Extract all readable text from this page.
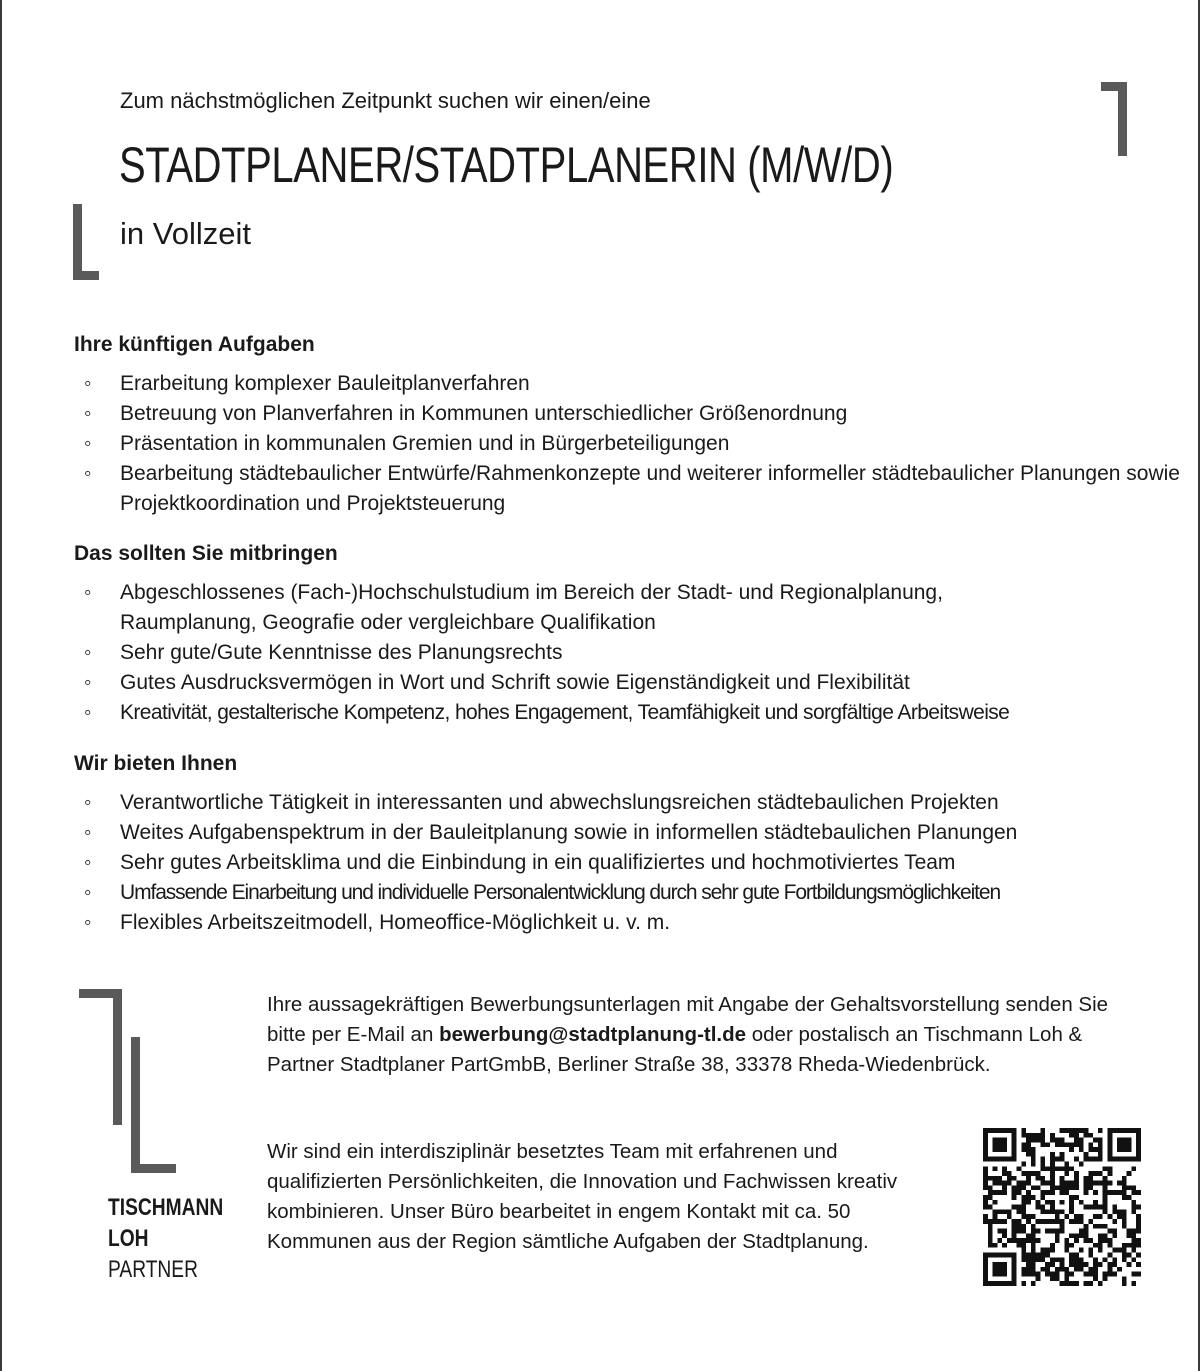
Zum nächstmöglichen Zeitpunkt suchen wir einen/eine
STADTPLANER/STADTPLANERIN (M/W/D)
in Vollzeit
Ihre künftigen Aufgaben
◦ Erarbeitung komplexer Bauleitplanverfahren
◦ Betreuung von Planverfahren in Kommunen unterschiedlicher Größenordnung
◦ Präsentation in kommunalen Gremien und in Bürgerbeteiligungen
◦ Bearbeitung städtebaulicher Entwürfe/Rahmenkonzepte und weiterer informeller städtebaulicher Planungen sowie Projektkoordination und Projektsteuerung
Das sollten Sie mitbringen
◦ Abgeschlossenes (Fach-)Hochschulstudium im Bereich der Stadt- und Regionalplanung, Raumplanung, Geografie oder vergleichbare Qualifikation
◦ Sehr gute/Gute Kenntnisse des Planungsrechts
◦ Gutes Ausdrucksvermögen in Wort und Schrift sowie Eigenständigkeit und Flexibilität
◦ Kreativität, gestalterische Kompetenz, hohes Engagement, Teamfähigkeit und sorgfältige Arbeitsweise
Wir bieten Ihnen
◦ Verantwortliche Tätigkeit in interessanten und abwechslungsreichen städtebaulichen Projekten
◦ Weites Aufgabenspektrum in der Bauleitplanung sowie in informellen städtebaulichen Planungen
◦ Sehr gutes Arbeitsklima und die Einbindung in ein qualifiziertes und hochmotiviertes Team
◦ Umfassende Einarbeitung und individuelle Personalentwicklung durch sehr gute Fortbildungsmöglichkeiten
◦ Flexibles Arbeitszeitmodell, Homeoffice-Möglichkeit u. v. m.
TISCHMANN
LOH
PARTNER

Ihre aussagekräftigen Bewerbungsunterlagen mit Angabe der Gehaltsvorstellung senden Sie bitte per E-Mail an bewerbung@stadtplanung-tl.de oder postalisch an Tischmann Loh & Partner Stadtplaner PartGmbB, Berliner Straße 38, 33378 Rheda-Wiedenbrück.

Wir sind ein interdisziplinär besetztes Team mit erfahrenen und qualifizierten Persönlichkeiten, die Innovation und Fachwissen kreativ kombinieren. Unser Büro bearbeitet in engem Kontakt mit ca. 50 Kommunen aus der Region sämtliche Aufgaben der Stadtplanung.
